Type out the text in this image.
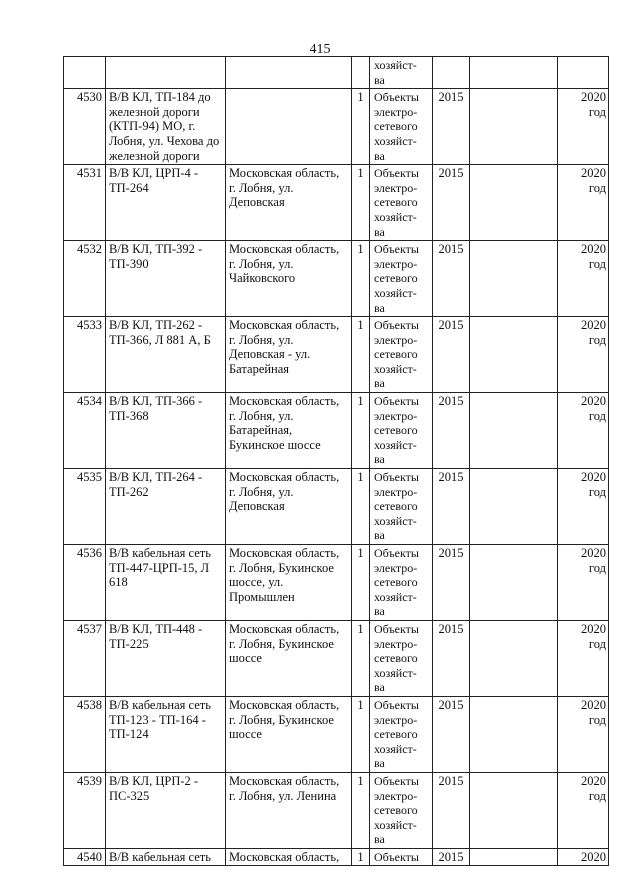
415

				хозяйст-
ва			

4530	В/В КЛ, ТП-184 до железной дороги (КТП-94) МО, г. Лобня, ул. Чехова до железной дороги		1	Объекты
электро-
сетевого
хозяйст-
ва	2015		2020
год

4531	В/В КЛ, ЦРП-4 - ТП-264	Московская область, г. Лобня, ул. Деповская	1	Объекты
электро-
сетевого
хозяйст-
ва	2015		2020
год

4532	В/В КЛ, ТП-392 - ТП-390	Московская область, г. Лобня, ул. Чайковского	1	Объекты
электро-
сетевого
хозяйст-
ва	2015		2020
год

4533	В/В КЛ, ТП-262 - ТП-366, Л 881 А, Б	Московская область, г. Лобня, ул. Деповская - ул. Батарейная	1	Объекты
электро-
сетевого
хозяйст-
ва	2015		2020
год

4534	В/В КЛ, ТП-366 - ТП-368	Московская область, г. Лобня, ул. Батарейная, Букинское шоссе	1	Объекты
электро-
сетевого
хозяйст-
ва	2015		2020
год

4535	В/В КЛ, ТП-264 - ТП-262	Московская область, г. Лобня, ул. Деповская	1	Объекты
электро-
сетевого
хозяйст-
ва	2015		2020
год

4536	В/В кабельная сеть ТП-447-ЦРП-15, Л 618	Московская область, г. Лобня, Букинское шоссе, ул. Промышлен	1	Объекты
электро-
сетевого
хозяйст-
ва	2015		2020
год

4537	В/В КЛ, ТП-448 - ТП-225	Московская область, г. Лобня, Букинское шоссе	1	Объекты
электро-
сетевого
хозяйст-
ва	2015		2020
год

4538	В/В кабельная сеть ТП-123 - ТП-164 - ТП-124	Московская область, г. Лобня, Букинское шоссе	1	Объекты
электро-
сетевого
хозяйст-
ва	2015		2020
год

4539	В/В КЛ, ЦРП-2 - ПС-325	Московская область, г. Лобня, ул. Ленина	1	Объекты
электро-
сетевого
хозяйст-
ва	2015		2020
год

4540	В/В кабельная сеть	Московская область,	1	Объекты	2015		2020
